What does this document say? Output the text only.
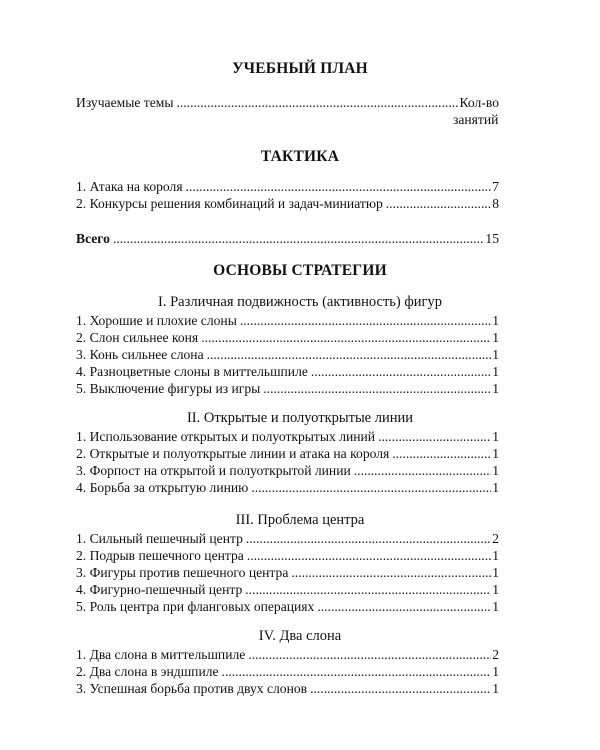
УЧЕБНЫЙ ПЛАН
Изучаемые темы .....	Кол-во
занятий
ТАКТИКА
1. Атака на короля .....	7
2. Конкурсы решения комбинаций и задач-миниатюр .....	8
Всего .....	15
ОСНОВЫ СТРАТЕГИИ
I. Различная подвижность (активность) фигур
1. Хорошие и плохие слоны .....	1
2. Слон сильнее коня .....	1
3. Конь сильнее слона .....	1
4. Разноцветные слоны в миттельшпиле .....	1
5. Выключение фигуры из игры .....	1
II. Открытые и полуоткрытые линии
1. Использование открытых и полуоткрытых линий .....	1
2. Открытые и полуоткрытые линии и атака на короля .....	1
3. Форпост на открытой и полуоткрытой линии .....	1
4. Борьба за открытую линию .....	1
III. Проблема центра
1. Сильный пешечный центр .....	2
2. Подрыв пешечного центра .....	1
3. Фигуры против пешечного центра .....	1
4. Фигурно-пешечный центр .....	1
5. Роль центра при фланговых операциях .....	1
IV. Два слона
1. Два слона в миттельшпиле .....	2
2. Два слона в эндшпиле .....	1
3. Успешная борьба против двух слонов .....	1
